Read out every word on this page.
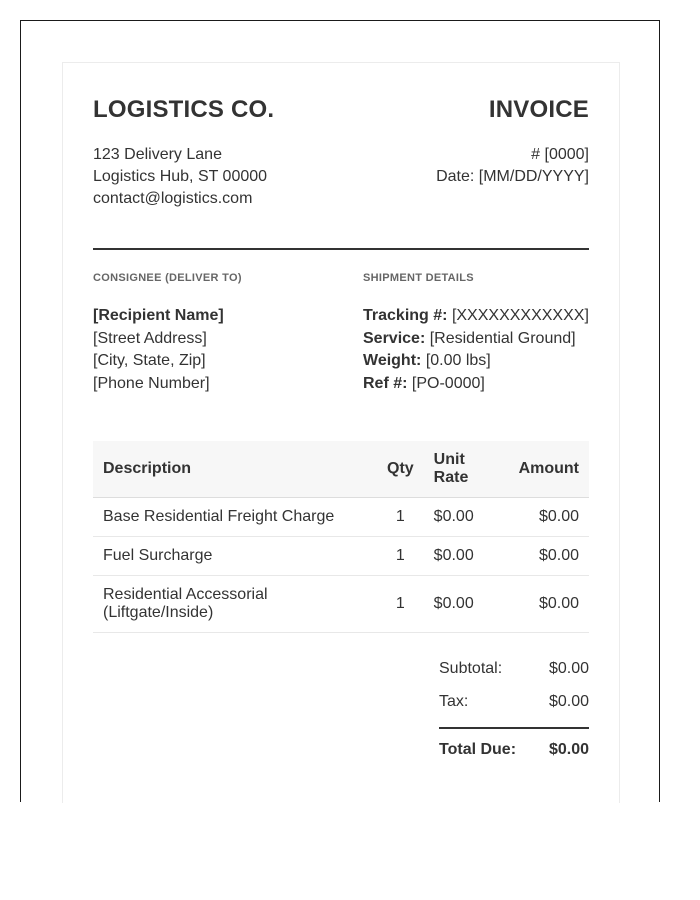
LOGISTICS CO.
123 Delivery Lane
Logistics Hub, ST 00000
contact@logistics.com
INVOICE
# [0000]
Date: [MM/DD/YYYY]
CONSIGNEE (DELIVER TO)
[Recipient Name]
[Street Address]
[City, State, Zip]
[Phone Number]
SHIPMENT DETAILS
Tracking #: [XXXXXXXXXXXX]
Service: [Residential Ground]
Weight: [0.00 lbs]
Ref #: [PO-0000]
Description	Qty	Unit Rate	Amount
Base Residential Freight Charge	1	$0.00	$0.00
Fuel Surcharge	1	$0.00	$0.00
Residential Accessorial (Liftgate/Inside)	1	$0.00	$0.00
Subtotal:	$0.00
Tax:	$0.00
Total Due: $0.00
